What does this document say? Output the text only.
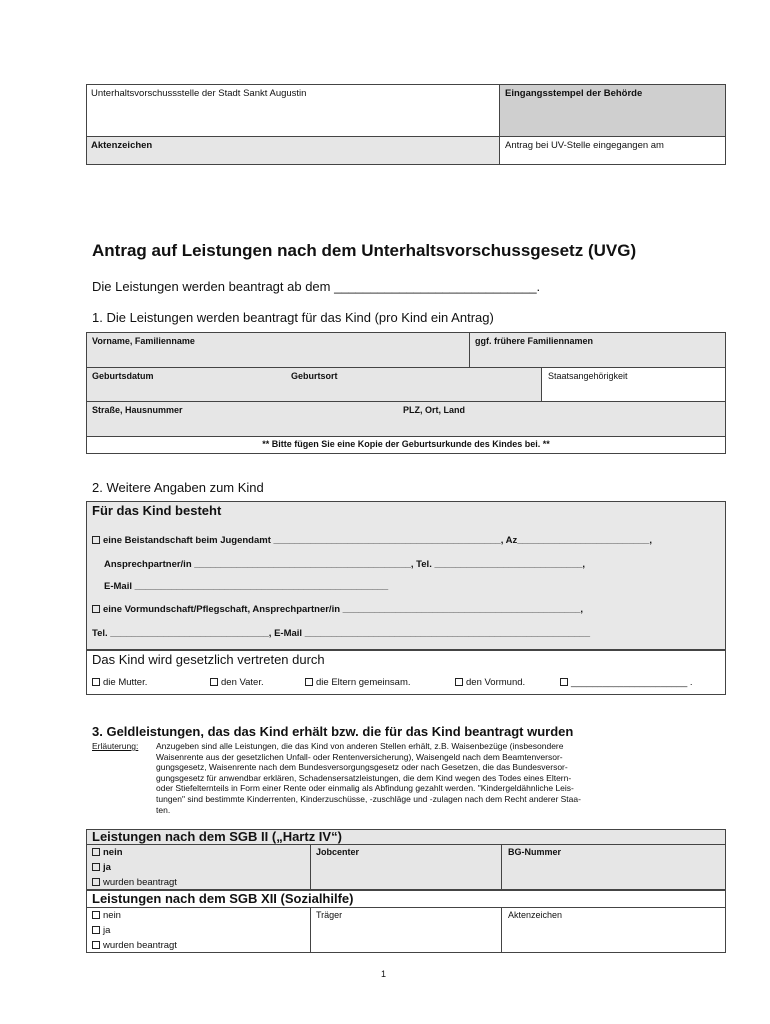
Unterhaltsvorschussstelle der Stadt Sankt Augustin	Eingangsstempel der Behörde
Aktenzeichen	Antrag bei UV-Stelle eingegangen am
Antrag auf Leistungen nach dem Unterhaltsvorschussgesetz (UVG)
Die Leistungen werden beantragt ab dem ____________________________.
1. Die Leistungen werden beantragt für das Kind (pro Kind ein Antrag)
Vorname, Familienname	ggf. frühere Familiennamen
Geburtsdatum	Geburtsort	Staatsangehörigkeit
Straße, Hausnummer	PLZ, Ort, Land
** Bitte fügen Sie eine Kopie der Geburtsurkunde des Kindes bei. **
2. Weitere Angaben zum Kind
Für das Kind besteht
eine Beistandschaft beim Jugendamt ___________________________________________, Az_________________________,
Ansprechpartner/in _________________________________________, Tel. ____________________________,
E-Mail ________________________________________________
eine Vormundschaft/Pflegschaft, Ansprechpartner/in _____________________________________________,
Tel. ______________________________, E-Mail ______________________________________________________
Das Kind wird gesetzlich vertreten durch
die Mutter.	den Vater.	die Eltern gemeinsam.	den Vormund.	______________________ .
3. Geldleistungen, das das Kind erhält bzw. die für das Kind beantragt wurden
Erläuterung: Anzugeben sind alle Leistungen, die das Kind von anderen Stellen erhält, z.B. Waisenbezüge (insbesondere
Waisenrente aus der gesetzlichen Unfall- oder Rentenversicherung), Waisengeld nach dem Beamtenversor-
gungsgesetz, Waisenrente nach dem Bundesversorgungsgesetz oder nach Gesetzen, die das Bundesversor-
gungsgesetz für anwendbar erklären, Schadensersatzleistungen, die dem Kind wegen des Todes eines Eltern-
oder Stiefelternteils in Form einer Rente oder einmalig als Abfindung gezahlt werden. "Kindergeldähnliche Leis-
tungen" sind bestimmte Kinderrenten, Kinderzuschüsse, -zuschläge und -zulagen nach dem Recht anderer Staa-
ten.
Leistungen nach dem SGB II („Hartz IV“)
nein
ja
wurden beantragt
Jobcenter	BG-Nummer
Leistungen nach dem SGB XII (Sozialhilfe)
nein
ja
wurden beantragt
Träger	Aktenzeichen
1
